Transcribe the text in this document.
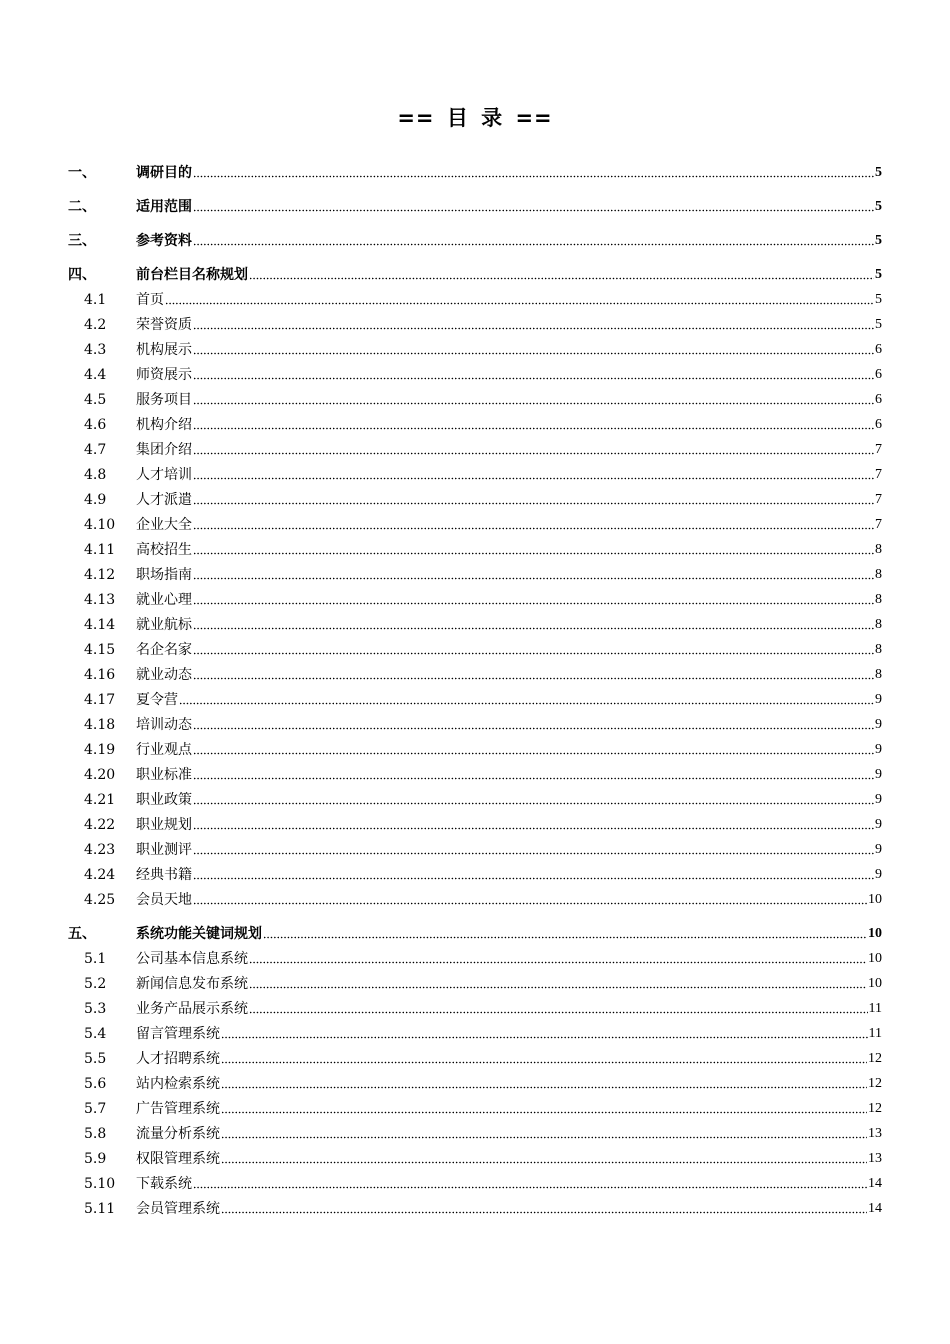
== 目 录 ==
一、	调研目的	5
二、	适用范围	5
三、	参考资料	5
四、	前台栏目名称规划	5
4.1	首页	5
4.2	荣誉资质	5
4.3	机构展示	6
4.4	师资展示	6
4.5	服务项目	6
4.6	机构介绍	6
4.7	集团介绍	7
4.8	人才培训	7
4.9	人才派遣	7
4.10	企业大全	7
4.11	高校招生	8
4.12	职场指南	8
4.13	就业心理	8
4.14	就业航标	8
4.15	名企名家	8
4.16	就业动态	8
4.17	夏令营	9
4.18	培训动态	9
4.19	行业观点	9
4.20	职业标准	9
4.21	职业政策	9
4.22	职业规划	9
4.23	职业测评	9
4.24	经典书籍	9
4.25	会员天地	10
五、	系统功能关键词规划	10
5.1	公司基本信息系统	10
5.2	新闻信息发布系统	10
5.3	业务产品展示系统	11
5.4	留言管理系统	11
5.5	人才招聘系统	12
5.6	站内检索系统	12
5.7	广告管理系统	12
5.8	流量分析系统	13
5.9	权限管理系统	13
5.10	下载系统	14
5.11	会员管理系统	14
